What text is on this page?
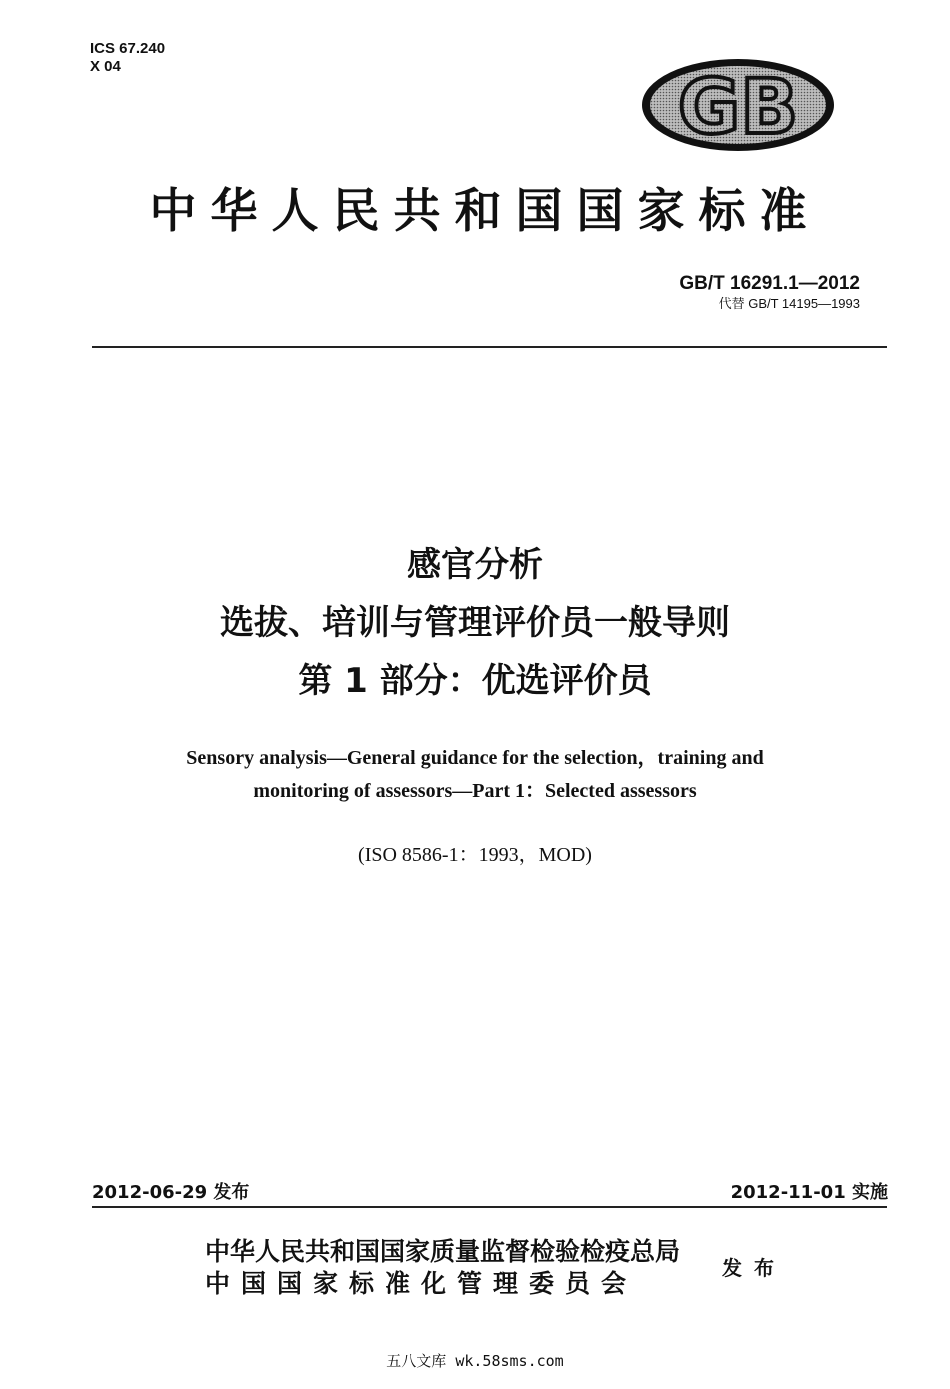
ICS 67.240
X 04	GB
中华人民共和国国家标准
GB/T 16291.1—2012
代替 GB/T 14195—1993
感官分析
选拔、培训与管理评价员一般导则
第 1 部分：优选评价员
Sensory analysis—General guidance for the selection，training and
monitoring of assessors—Part 1：Selected assessors
(ISO 8586-1：1993，MOD)
2012-06-29 发布	2012-11-01 实施
中华人民共和国国家质量监督检验检疫总局
中国国家标准化管理委员会
发布
五八文库 wk.58sms.com
